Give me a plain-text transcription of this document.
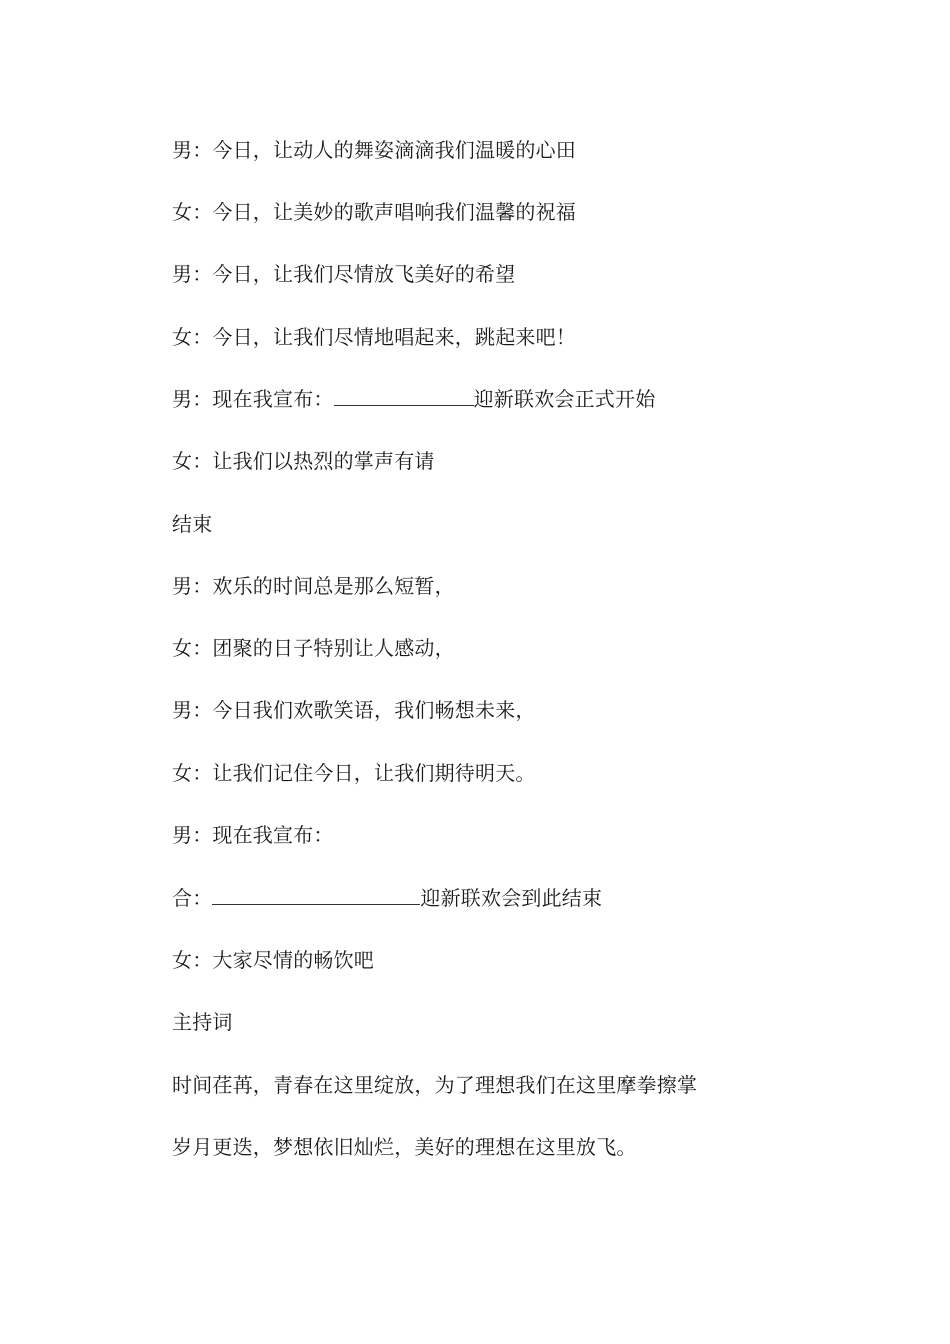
男：今日，让动人的舞姿滴滴我们温暖的心田
女：今日，让美妙的歌声唱响我们温馨的祝福
男：今日，让我们尽情放飞美好的希望
女：今日，让我们尽情地唱起来，跳起来吧！
男：现在我宣布：	迎新联欢会正式开始
女：让我们以热烈的掌声有请
结束
男：欢乐的时间总是那么短暂，
女：团聚的日子特别让人感动，
男：今日我们欢歌笑语，我们畅想未来，
女：让我们记住今日，让我们期待明天。
男：现在我宣布：
合：	迎新联欢会到此结束
女：大家尽情的畅饮吧
主持词
时间荏苒，青春在这里绽放，为了理想我们在这里摩拳擦掌
岁月更迭，梦想依旧灿烂，美好的理想在这里放飞。
